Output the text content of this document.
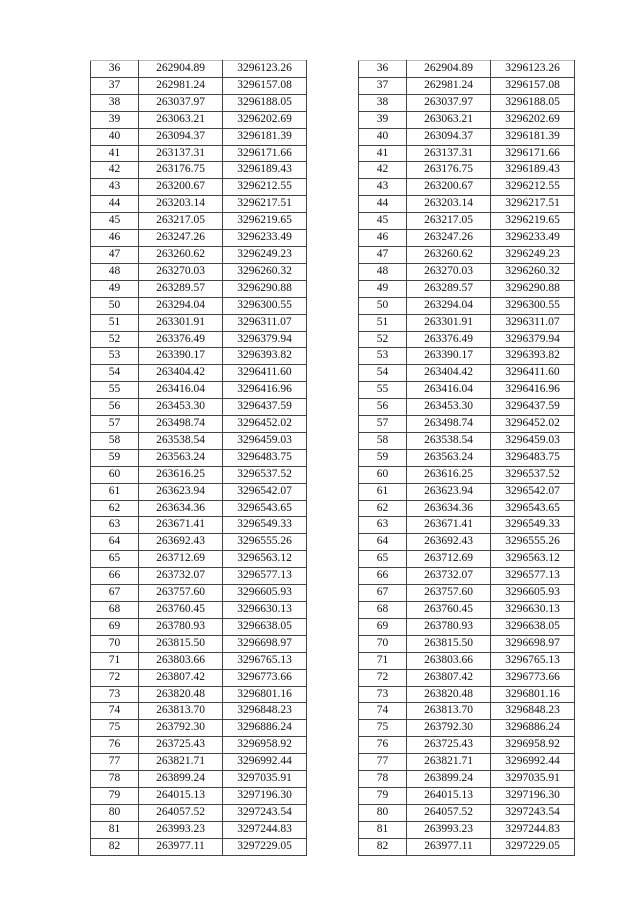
36	262904.89	3296123.26
37	262981.24	3296157.08
38	263037.97	3296188.05
39	263063.21	3296202.69
40	263094.37	3296181.39
41	263137.31	3296171.66
42	263176.75	3296189.43
43	263200.67	3296212.55
44	263203.14	3296217.51
45	263217.05	3296219.65
46	263247.26	3296233.49
47	263260.62	3296249.23
48	263270.03	3296260.32
49	263289.57	3296290.88
50	263294.04	3296300.55
51	263301.91	3296311.07
52	263376.49	3296379.94
53	263390.17	3296393.82
54	263404.42	3296411.60
55	263416.04	3296416.96
56	263453.30	3296437.59
57	263498.74	3296452.02
58	263538.54	3296459.03
59	263563.24	3296483.75
60	263616.25	3296537.52
61	263623.94	3296542.07
62	263634.36	3296543.65
63	263671.41	3296549.33
64	263692.43	3296555.26
65	263712.69	3296563.12
66	263732.07	3296577.13
67	263757.60	3296605.93
68	263760.45	3296630.13
69	263780.93	3296638.05
70	263815.50	3296698.97
71	263803.66	3296765.13
72	263807.42	3296773.66
73	263820.48	3296801.16
74	263813.70	3296848.23
75	263792.30	3296886.24
76	263725.43	3296958.92
77	263821.71	3296992.44
78	263899.24	3297035.91
79	264015.13	3297196.30
80	264057.52	3297243.54
81	263993.23	3297244.83
82	263977.11	3297229.05
36	262904.89	3296123.26
37	262981.24	3296157.08
38	263037.97	3296188.05
39	263063.21	3296202.69
40	263094.37	3296181.39
41	263137.31	3296171.66
42	263176.75	3296189.43
43	263200.67	3296212.55
44	263203.14	3296217.51
45	263217.05	3296219.65
46	263247.26	3296233.49
47	263260.62	3296249.23
48	263270.03	3296260.32
49	263289.57	3296290.88
50	263294.04	3296300.55
51	263301.91	3296311.07
52	263376.49	3296379.94
53	263390.17	3296393.82
54	263404.42	3296411.60
55	263416.04	3296416.96
56	263453.30	3296437.59
57	263498.74	3296452.02
58	263538.54	3296459.03
59	263563.24	3296483.75
60	263616.25	3296537.52
61	263623.94	3296542.07
62	263634.36	3296543.65
63	263671.41	3296549.33
64	263692.43	3296555.26
65	263712.69	3296563.12
66	263732.07	3296577.13
67	263757.60	3296605.93
68	263760.45	3296630.13
69	263780.93	3296638.05
70	263815.50	3296698.97
71	263803.66	3296765.13
72	263807.42	3296773.66
73	263820.48	3296801.16
74	263813.70	3296848.23
75	263792.30	3296886.24
76	263725.43	3296958.92
77	263821.71	3296992.44
78	263899.24	3297035.91
79	264015.13	3297196.30
80	264057.52	3297243.54
81	263993.23	3297244.83
82	263977.11	3297229.05
